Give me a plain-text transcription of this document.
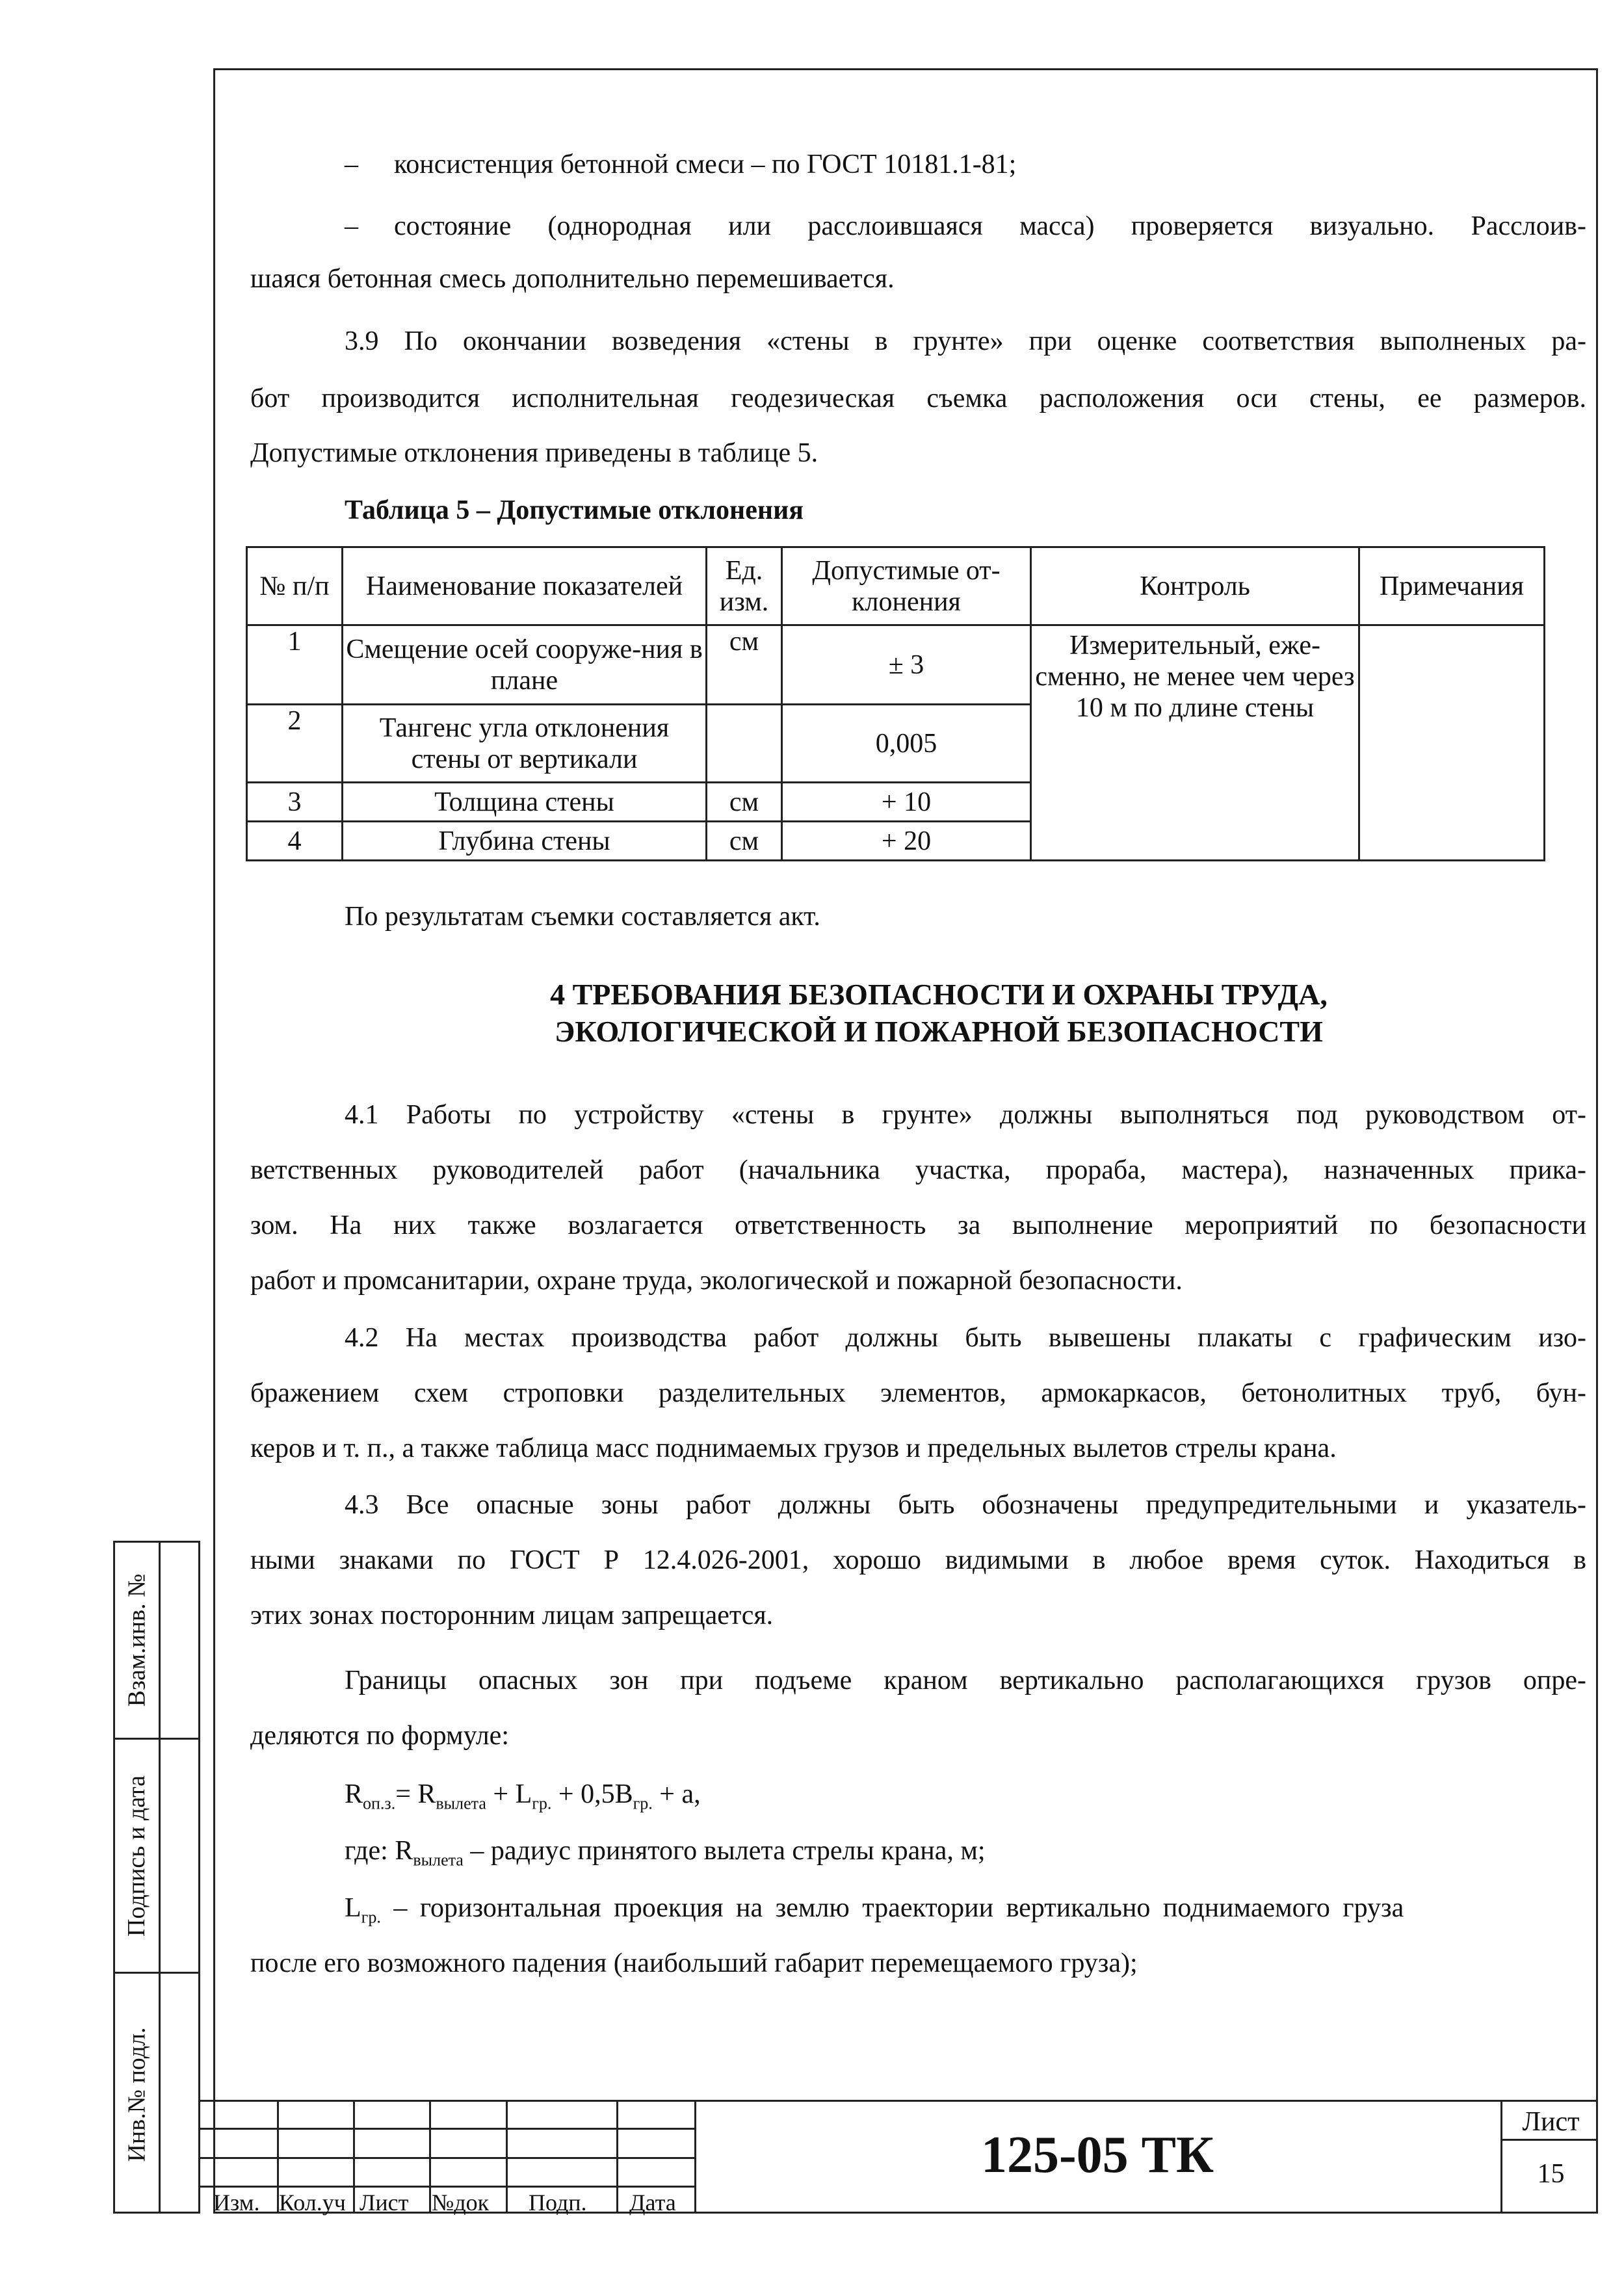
Взам.инв. №
Подпись и дата
Инв.№ подл.
– консистенция бетонной смеси – по ГОСТ 10181.1-81;
– состояние (однородная или расслоившаяся масса) проверяется визуально. Расслоив-
шаяся бетонная смесь дополнительно перемешивается.
3.9 По окончании возведения «стены в грунте» при оценке соответствия выполненых ра-
бот производится исполнительная геодезическая съемка расположения оси стены, ее размеров.
Допустимые отклонения приведены в таблице 5.
Таблица 5 – Допустимые отклонения
№ п/п	Наименование показателей	Ед. изм.	Допустимые от-клонения	Контроль	Примечания
1	Смещение осей сооруже-ния в плане	см	± 3	Измерительный, еже-сменно, не менее чем через 10 м по длине стены	
2	Тангенс угла отклонения стены от вертикали		0,005		
3	Толщина стены	см	+ 10		
4	Глубина стены	см	+ 20		
По результатам съемки составляется акт.
4 ТРЕБОВАНИЯ БЕЗОПАСНОСТИ И ОХРАНЫ ТРУДА,
ЭКОЛОГИЧЕСКОЙ И ПОЖАРНОЙ БЕЗОПАСНОСТИ
4.1 Работы по устройству «стены в грунте» должны выполняться под руководством от-
ветственных руководителей работ (начальника участка, прораба, мастера), назначенных прика-
зом. На них также возлагается ответственность за выполнение мероприятий по безопасности
работ и промсанитарии, охране труда, экологической и пожарной безопасности.
4.2 На местах производства работ должны быть вывешены плакаты с графическим изо-
бражением схем строповки разделительных элементов, армокаркасов, бетонолитных труб, бун-
керов и т. п., а также таблица масс поднимаемых грузов и предельных вылетов стрелы крана.
4.3 Все опасные зоны работ должны быть обозначены предупредительными и указатель-
ными знаками по ГОСТ Р 12.4.026-2001, хорошо видимыми в любое время суток. Находиться в
этих зонах посторонним лицам запрещается.
Границы опасных зон при подъеме краном вертикально располагающихся грузов опре-
деляются по формуле:
$R_{оп.з.}= R_{вылета} + L_{гр.} + 0,5B_{гр.} + a$,
где: $R_{вылета}$ – радиус принятого вылета стрелы крана, м;
$L_{гр.}$ – горизонтальная проекция на землю траектории вертикально поднимаемого груза
после его возможного падения (наибольший габарит перемещаемого груза);
Изм. Кол.уч Лист №док Подп. Дата
125-05 ТК
Лист
15
